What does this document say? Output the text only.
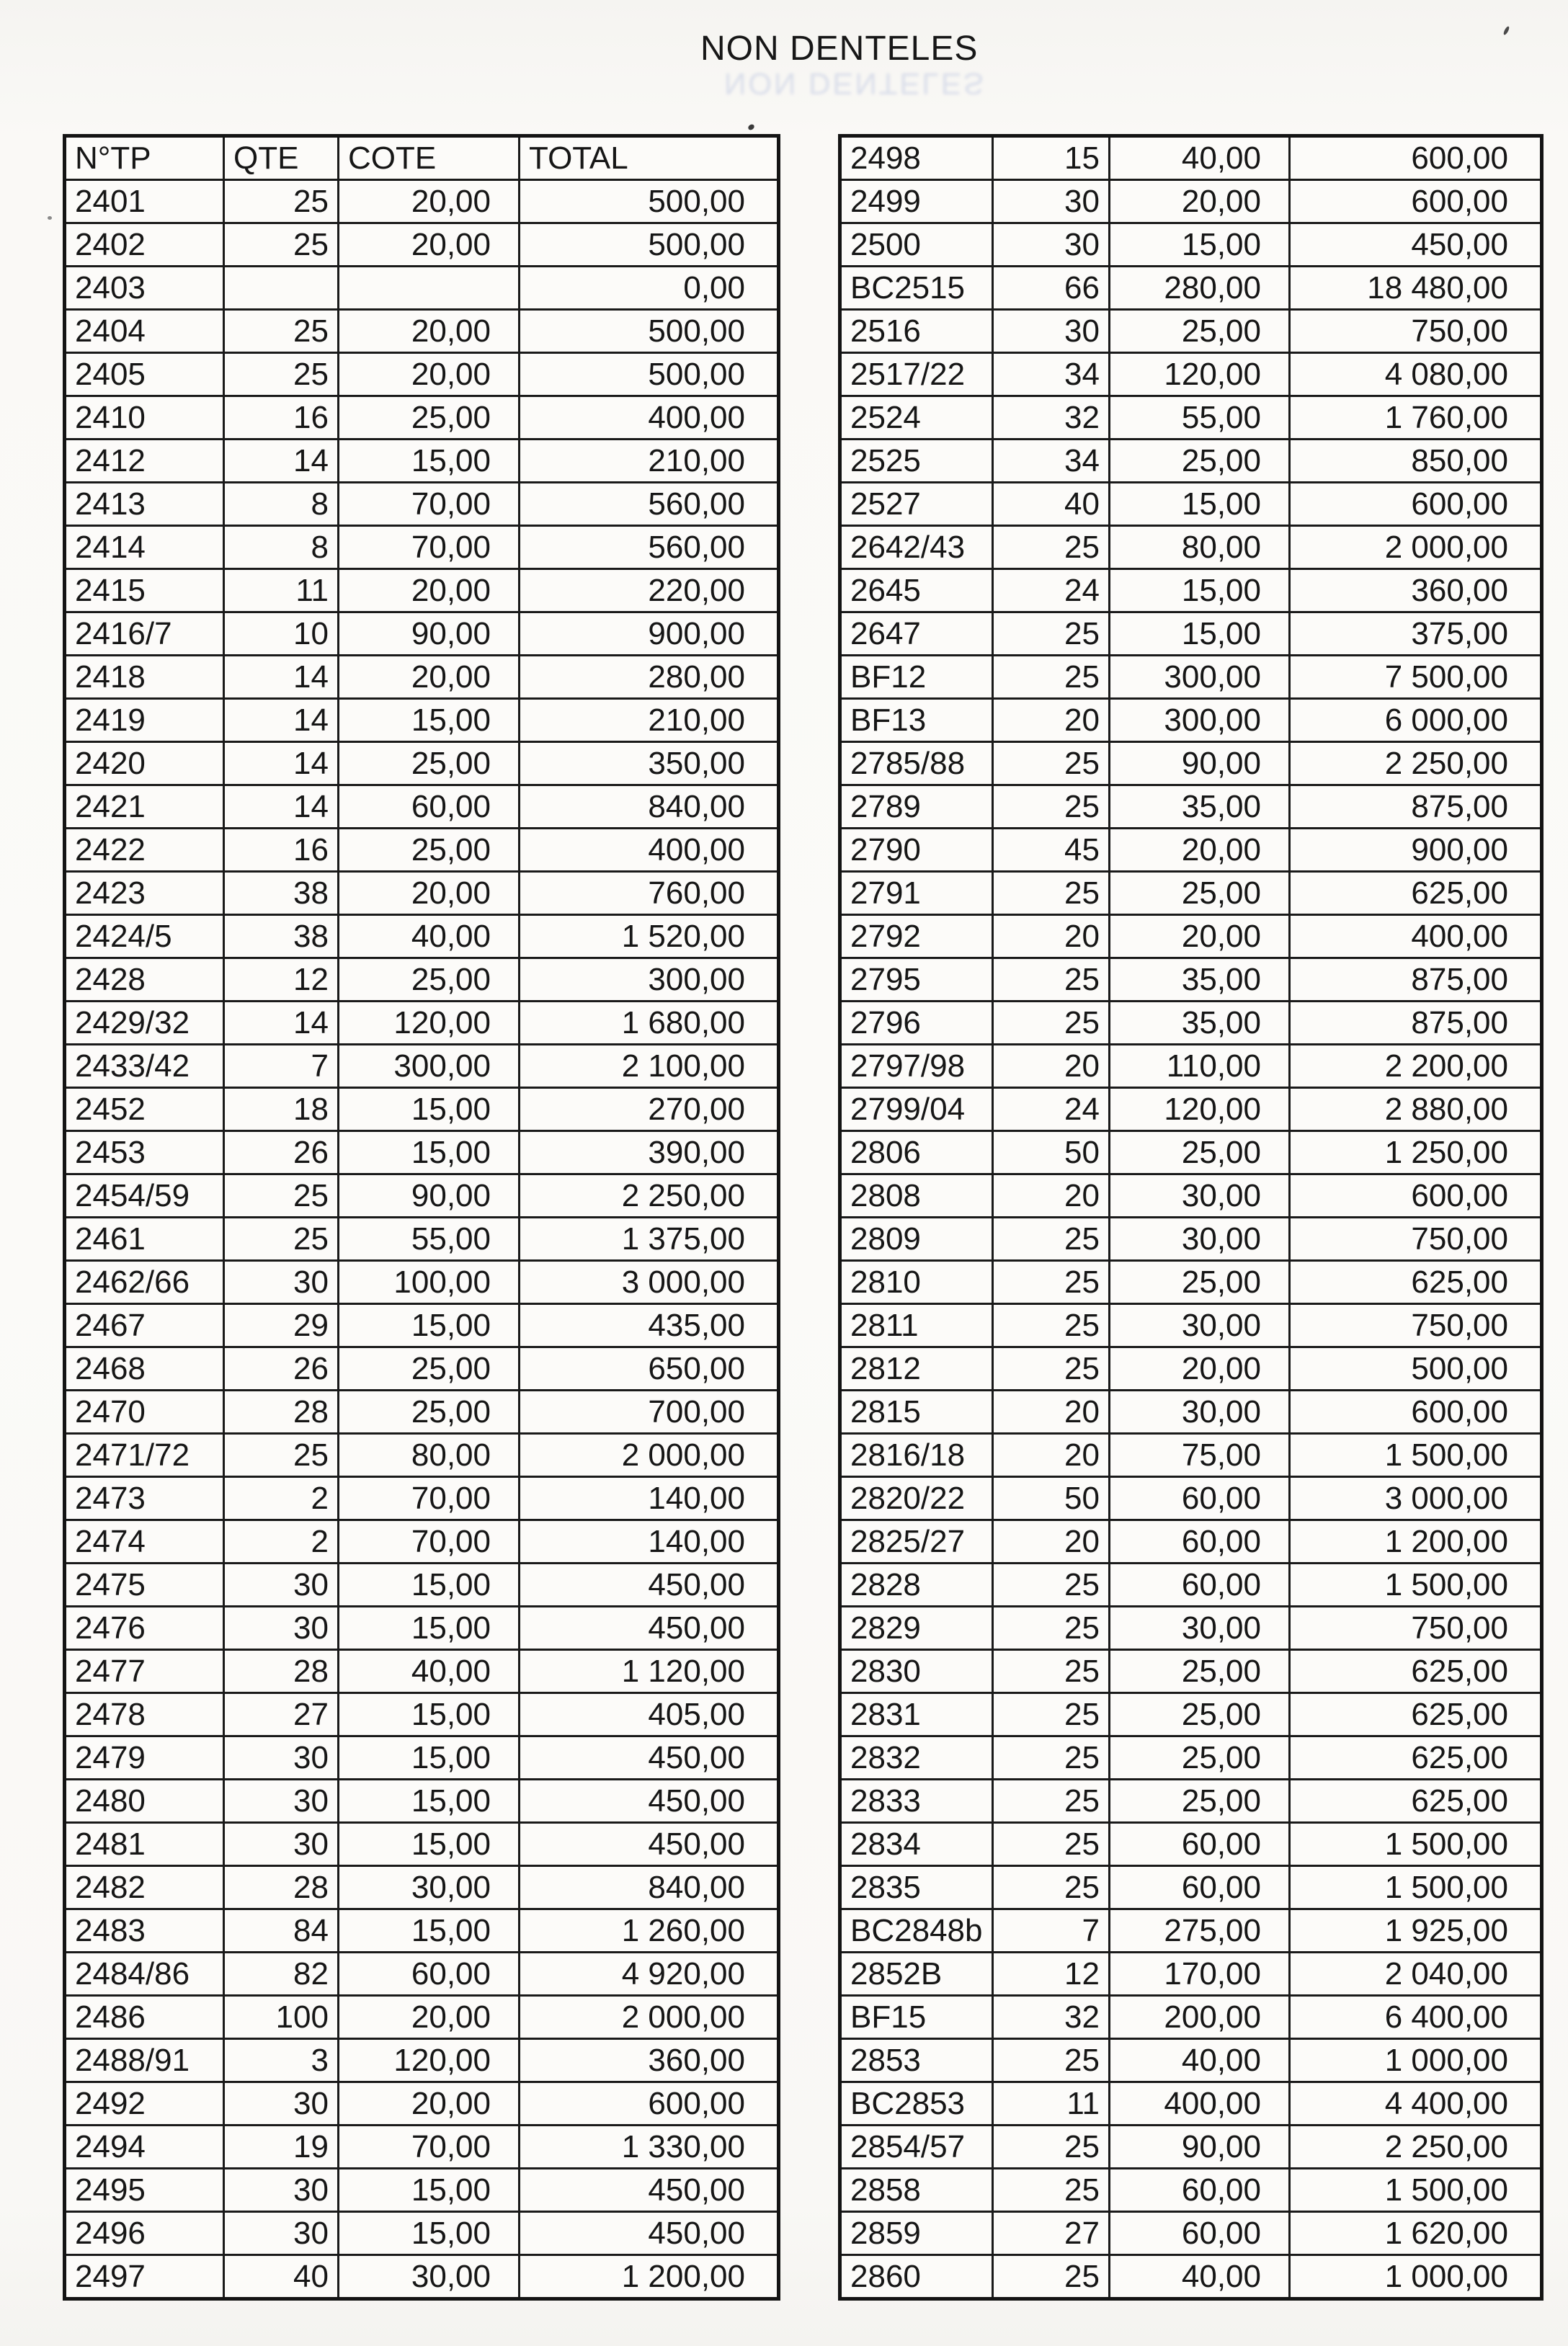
NON DENTELES
NON DENTELES
N°TP	QTE	COTE	TOTAL
2401	25	20,00	500,00
2402	25	20,00	500,00
2403			0,00
2404	25	20,00	500,00
2405	25	20,00	500,00
2410	16	25,00	400,00
2412	14	15,00	210,00
2413	8	70,00	560,00
2414	8	70,00	560,00
2415	11	20,00	220,00
2416/7	10	90,00	900,00
2418	14	20,00	280,00
2419	14	15,00	210,00
2420	14	25,00	350,00
2421	14	60,00	840,00
2422	16	25,00	400,00
2423	38	20,00	760,00
2424/5	38	40,00	1 520,00
2428	12	25,00	300,00
2429/32	14	120,00	1 680,00
2433/42	7	300,00	2 100,00
2452	18	15,00	270,00
2453	26	15,00	390,00
2454/59	25	90,00	2 250,00
2461	25	55,00	1 375,00
2462/66	30	100,00	3 000,00
2467	29	15,00	435,00
2468	26	25,00	650,00
2470	28	25,00	700,00
2471/72	25	80,00	2 000,00
2473	2	70,00	140,00
2474	2	70,00	140,00
2475	30	15,00	450,00
2476	30	15,00	450,00
2477	28	40,00	1 120,00
2478	27	15,00	405,00
2479	30	15,00	450,00
2480	30	15,00	450,00
2481	30	15,00	450,00
2482	28	30,00	840,00
2483	84	15,00	1 260,00
2484/86	82	60,00	4 920,00
2486	100	20,00	2 000,00
2488/91	3	120,00	360,00
2492	30	20,00	600,00
2494	19	70,00	1 330,00
2495	30	15,00	450,00
2496	30	15,00	450,00
2497	40	30,00	1 200,00
2498	15	40,00	600,00
2499	30	20,00	600,00
2500	30	15,00	450,00
BC2515	66	280,00	18 480,00
2516	30	25,00	750,00
2517/22	34	120,00	4 080,00
2524	32	55,00	1 760,00
2525	34	25,00	850,00
2527	40	15,00	600,00
2642/43	25	80,00	2 000,00
2645	24	15,00	360,00
2647	25	15,00	375,00
BF12	25	300,00	7 500,00
BF13	20	300,00	6 000,00
2785/88	25	90,00	2 250,00
2789	25	35,00	875,00
2790	45	20,00	900,00
2791	25	25,00	625,00
2792	20	20,00	400,00
2795	25	35,00	875,00
2796	25	35,00	875,00
2797/98	20	110,00	2 200,00
2799/04	24	120,00	2 880,00
2806	50	25,00	1 250,00
2808	20	30,00	600,00
2809	25	30,00	750,00
2810	25	25,00	625,00
2811	25	30,00	750,00
2812	25	20,00	500,00
2815	20	30,00	600,00
2816/18	20	75,00	1 500,00
2820/22	50	60,00	3 000,00
2825/27	20	60,00	1 200,00
2828	25	60,00	1 500,00
2829	25	30,00	750,00
2830	25	25,00	625,00
2831	25	25,00	625,00
2832	25	25,00	625,00
2833	25	25,00	625,00
2834	25	60,00	1 500,00
2835	25	60,00	1 500,00
BC2848b	7	275,00	1 925,00
2852B	12	170,00	2 040,00
BF15	32	200,00	6 400,00
2853	25	40,00	1 000,00
BC2853	11	400,00	4 400,00
2854/57	25	90,00	2 250,00
2858	25	60,00	1 500,00
2859	27	60,00	1 620,00
2860	25	40,00	1 000,00
